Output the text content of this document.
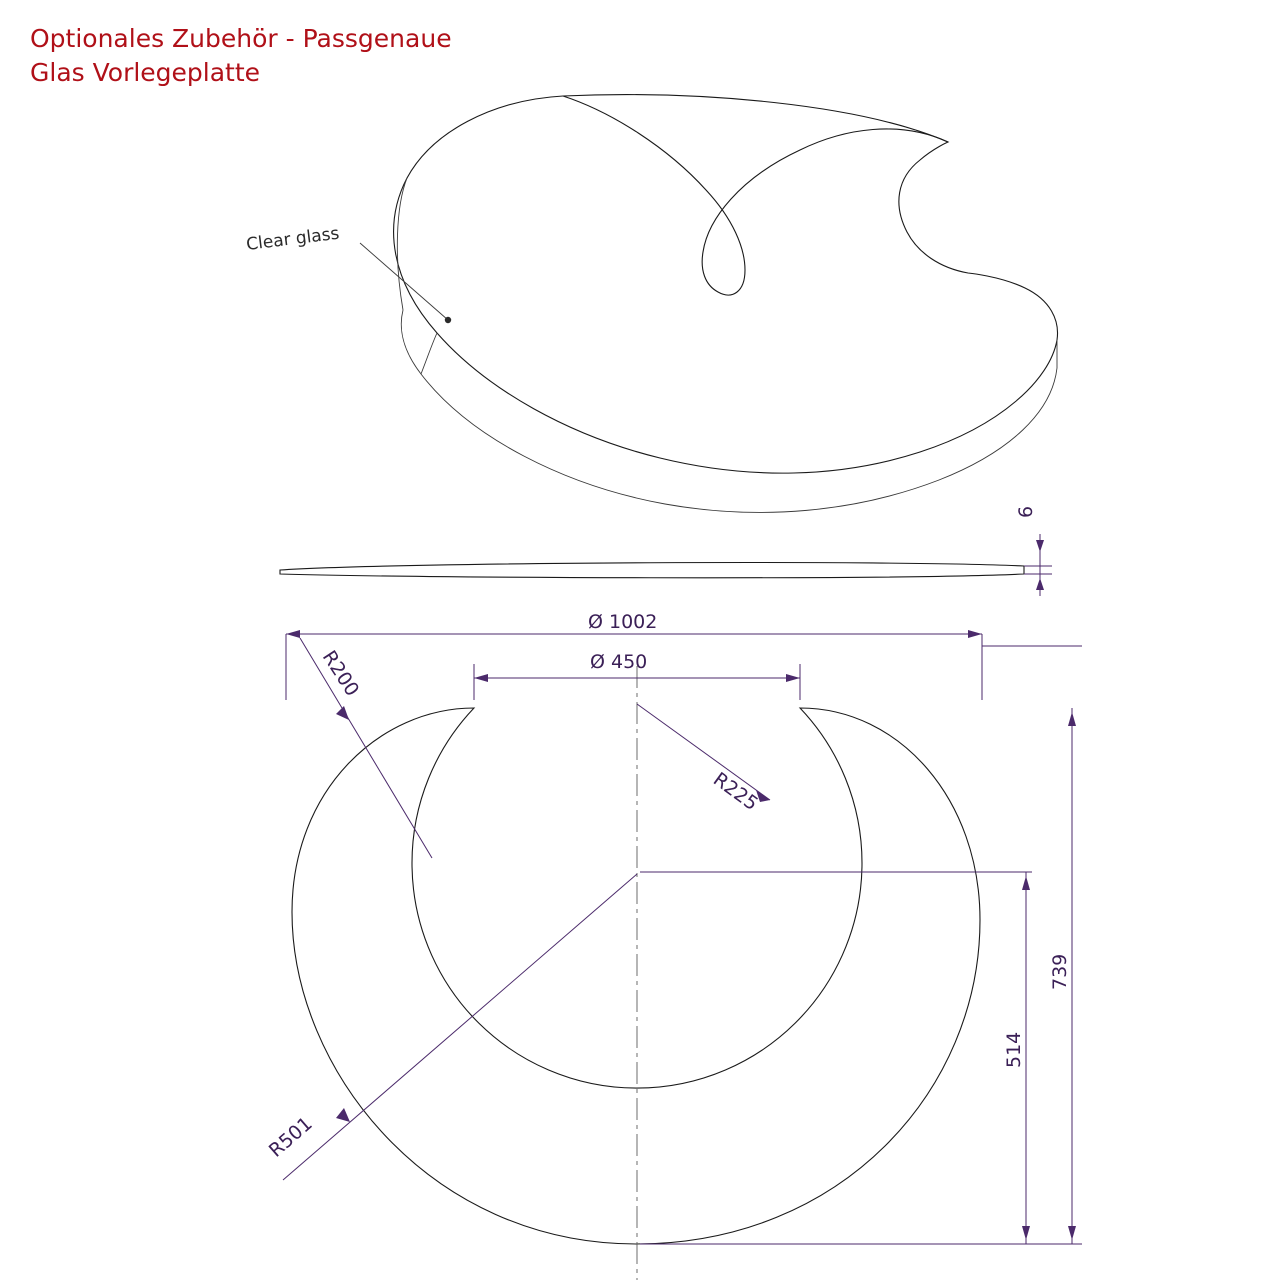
Optionales Zubehör - Passgenaue
Glas Vorlegeplatte
Clear glass
6
R225
R200
R501
Ø 1002
Ø 450
739
514
